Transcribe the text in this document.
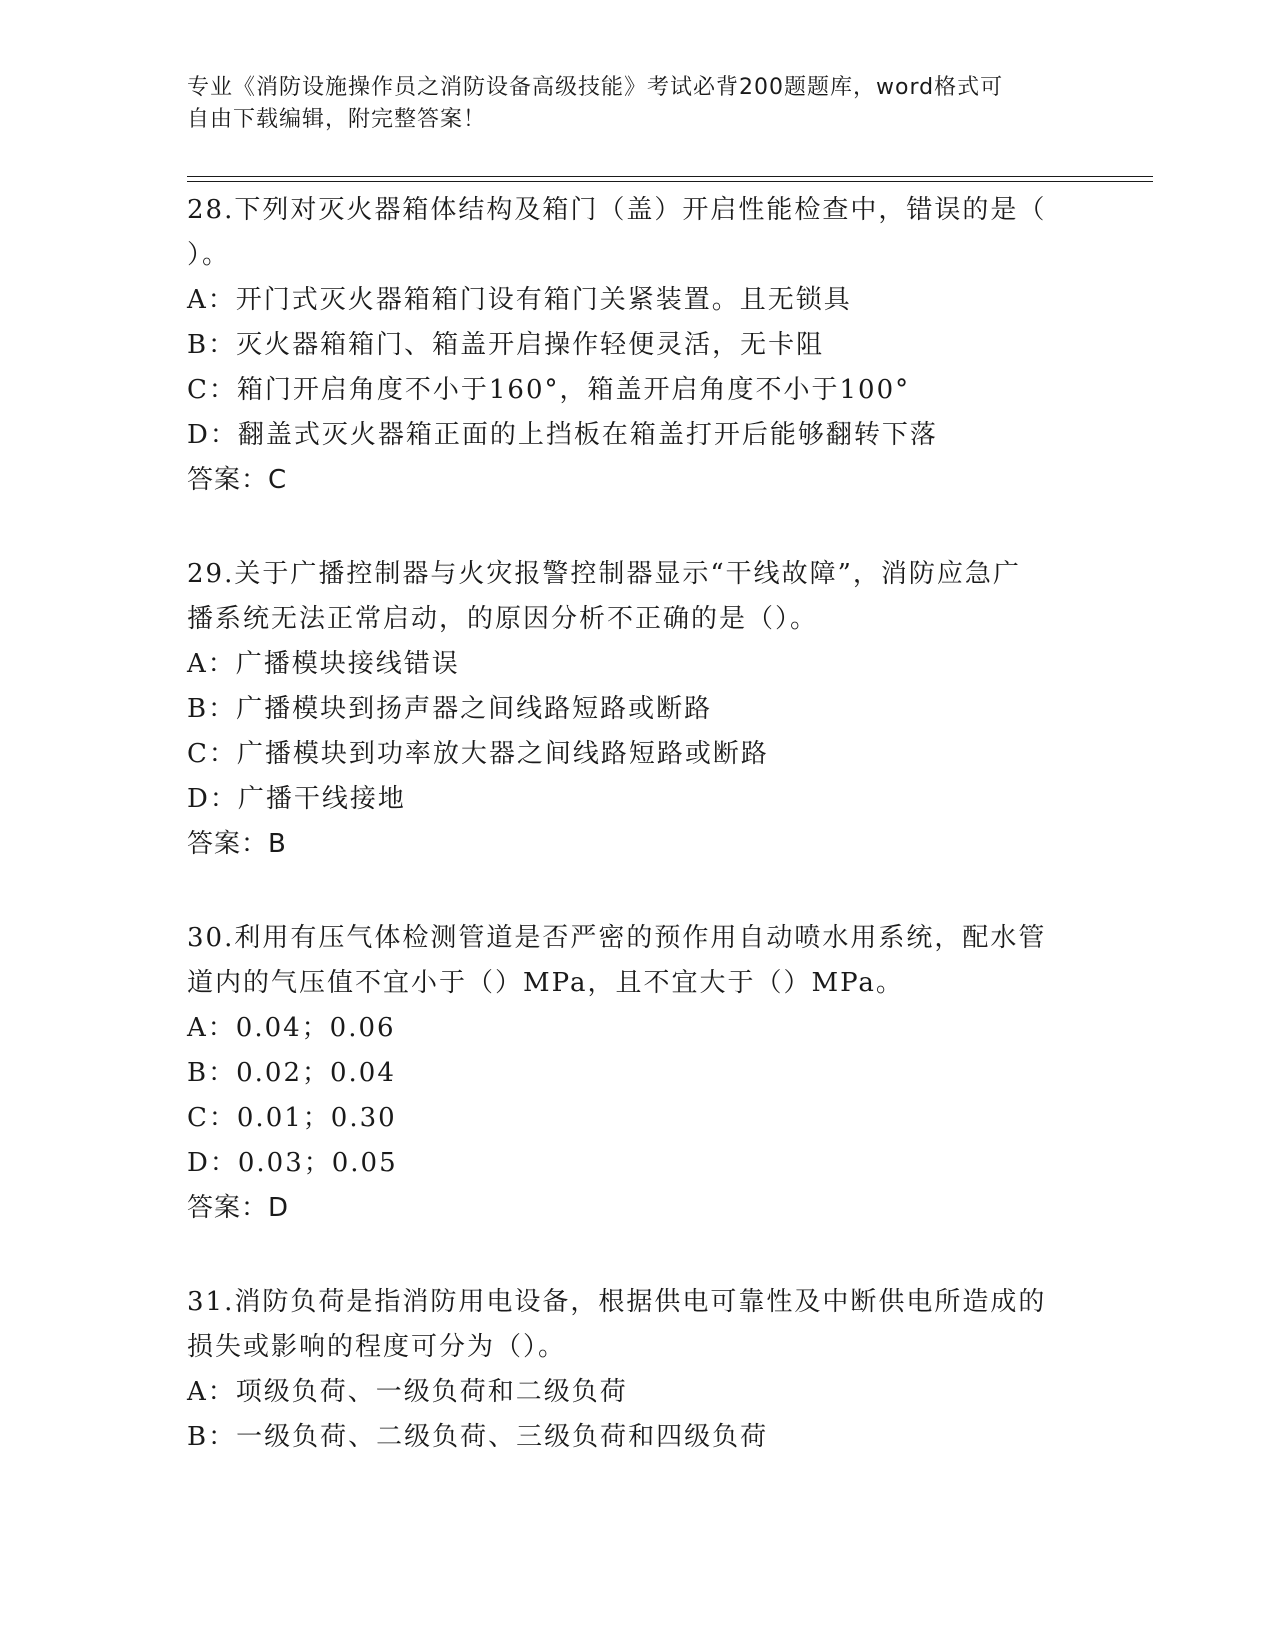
专业《消防设施操作员之消防设备高级技能》考试必背200题题库，word格式可
自由下载编辑，附完整答案！
28.下列对灭火器箱体结构及箱门（盖）开启性能检查中，错误的是（
）。
A：开门式灭火器箱箱门设有箱门关紧装置。且无锁具
B：灭火器箱箱门、箱盖开启操作轻便灵活，无卡阻
C：箱门开启角度不小于160°，箱盖开启角度不小于100°
D：翻盖式灭火器箱正面的上挡板在箱盖打开后能够翻转下落
答案：C
29.关于广播控制器与火灾报警控制器显示“干线故障”，消防应急广
播系统无法正常启动，的原因分析不正确的是（）。
A：广播模块接线错误
B：广播模块到扬声器之间线路短路或断路
C：广播模块到功率放大器之间线路短路或断路
D：广播干线接地
答案：B
30.利用有压气体检测管道是否严密的预作用自动喷水用系统，配水管
道内的气压值不宜小于（）MPa，且不宜大于（）MPa。
A：0.04；0.06
B：0.02；0.04
C：0.01；0.30
D：0.03；0.05
答案：D
31.消防负荷是指消防用电设备，根据供电可靠性及中断供电所造成的
损失或影响的程度可分为（）。
A：项级负荷、一级负荷和二级负荷
B：一级负荷、二级负荷、三级负荷和四级负荷
